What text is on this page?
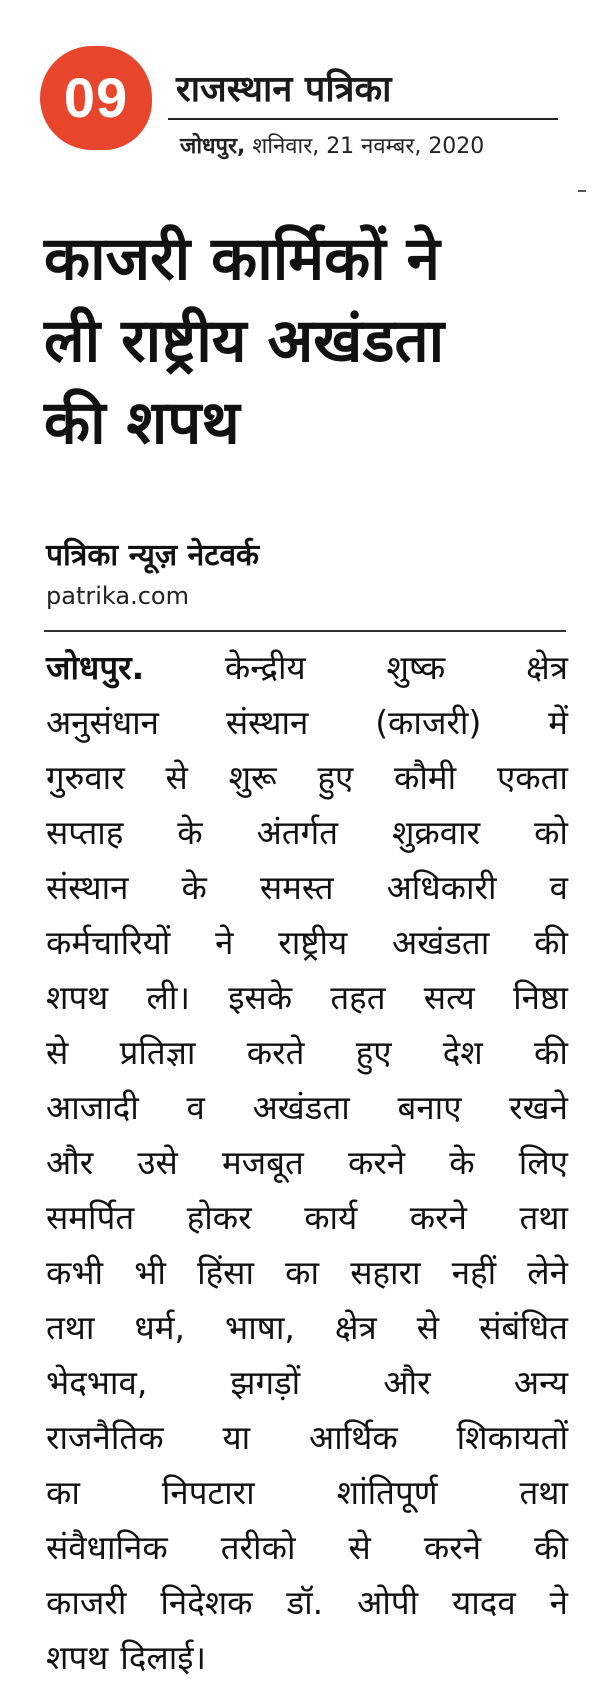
09	राजस्थान पत्रिका
जोधपुर, शनिवार, 21 नवम्बर, 2020
काजरी कार्मिकों ने
ली राष्ट्रीय अखंडता
की शपथ
पत्रिका न्यूज़ नेटवर्क
patrika.com
जोधपुर. केन्द्रीय शुष्क क्षेत्र
अनुसंधान संस्थान (काजरी) में
गुरुवार से शुरू हुए कौमी एकता
सप्ताह के अंतर्गत शुक्रवार को
संस्थान के समस्त अधिकारी व
कर्मचारियों ने राष्ट्रीय अखंडता की
शपथ ली। इसके तहत सत्य निष्ठा
से प्रतिज्ञा करते हुए देश की
आजादी व अखंडता बनाए रखने
और उसे मजबूत करने के लिए
समर्पित होकर कार्य करने तथा
कभी भी हिंसा का सहारा नहीं लेने
तथा धर्म, भाषा, क्षेत्र से संबंधित
भेदभाव,	झगड़ों	और	अन्य
राजनैतिक या आर्थिक शिकायतों
का निपटारा शांतिपूर्ण तथा
संवैधानिक तरीको से करने की
काजरी निदेशक डॉ. ओपी यादव ने
शपथ दिलाई।
